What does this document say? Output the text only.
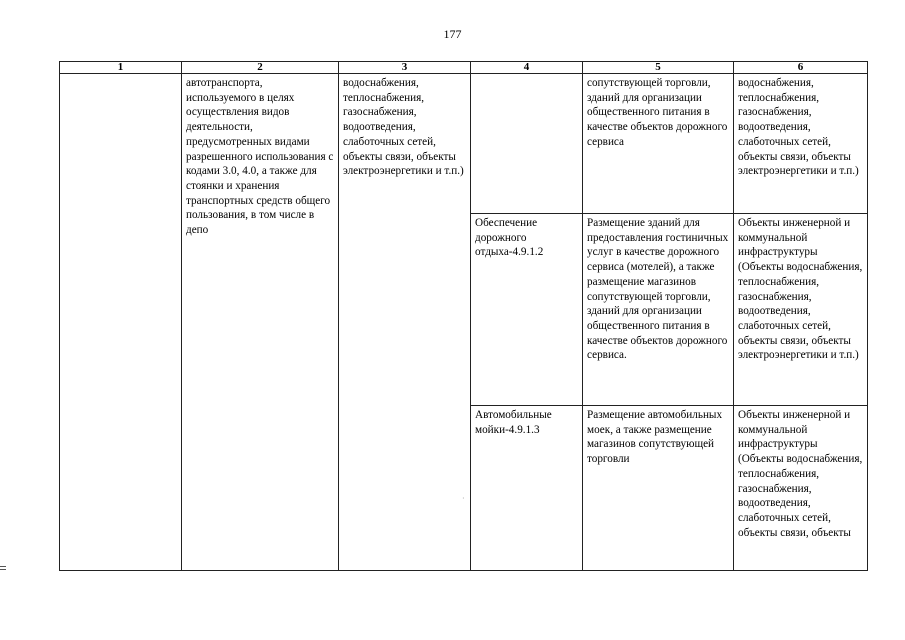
177
1	2	3	4	5	6
	автотранспорта, используемого в целях осуществления видов деятельности, предусмотренных видами разрешенного использования с кодами 3.0, 4.0, а также для стоянки и хранения транспортных средств общего пользования, в том числе в депо	водоснабжения, теплоснабжения, газоснабжения, водоотведения, слаботочных сетей, объекты связи, объекты электроэнергетики и т.п.)		сопутствующей торговли, зданий для организации общественного питания в качестве объектов дорожного сервиса	водоснабжения, теплоснабжения, газоснабжения, водоотведения, слаботочных сетей, объекты связи, объекты электроэнергетики и т.п.)
			Обеспечение дорожного отдыха-4.9.1.2	Размещение зданий для предоставления гостиничных услуг в качестве дорожного сервиса (мотелей), а также размещение магазинов сопутствующей торговли, зданий для организации общественного питания в качестве объектов дорожного сервиса.	Объекты инженерной и коммунальной инфраструктуры (Объекты водоснабжения, теплоснабжения, газоснабжения, водоотведения, слаботочных сетей, объекты связи, объекты электроэнергетики и т.п.)
			Автомобильные мойки-4.9.1.3	Размещение автомобильных моек, а также размещение магазинов сопутствующей торговли	Объекты инженерной и коммунальной инфраструктуры (Объекты водоснабжения, теплоснабжения, газоснабжения, водоотведения, слаботочных сетей, объекты связи, объекты
·
